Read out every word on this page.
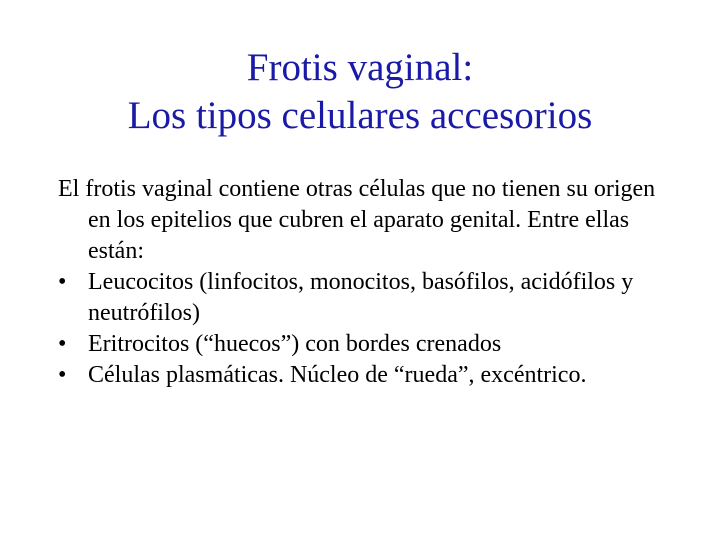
Frotis vaginal:
Los tipos celulares accesorios

El frotis vaginal contiene otras células que no tienen su origen en los epitelios que cubren el aparato genital. Entre ellas están:

• Leucocitos (linfocitos, monocitos, basófilos, acidófilos y neutrófilos)
• Eritrocitos (“huecos”) con bordes crenados
• Células plasmáticas. Núcleo de “rueda”, excéntrico.
